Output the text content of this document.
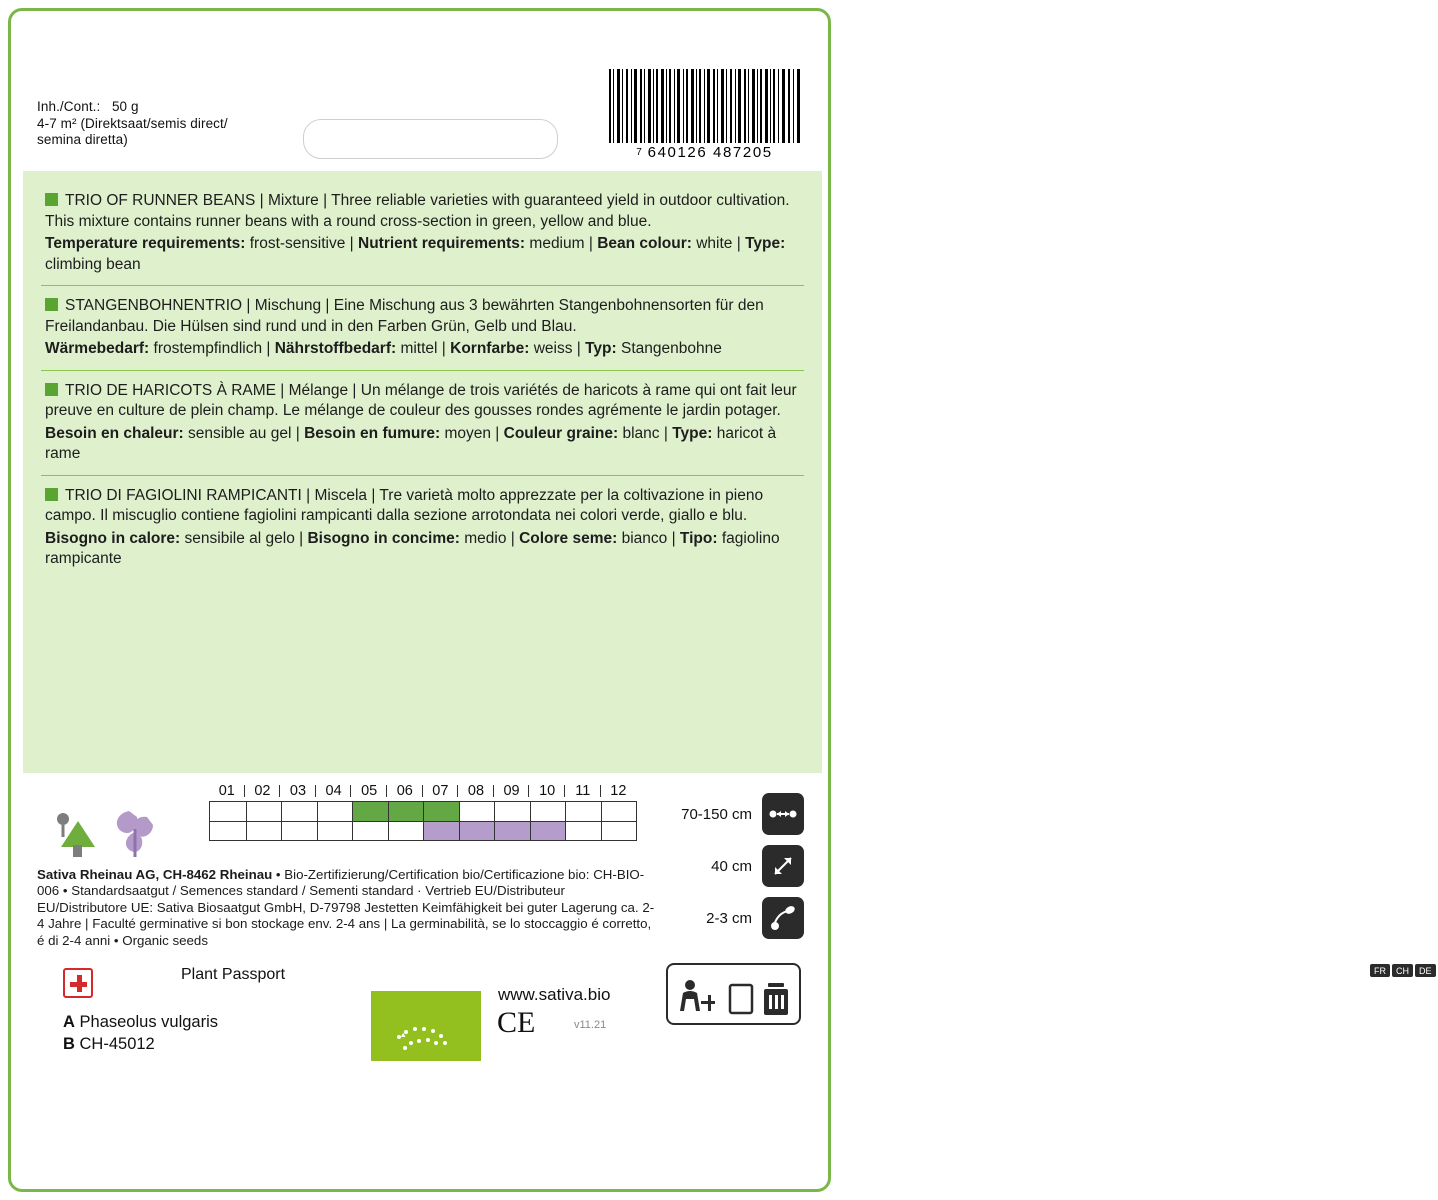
Inh./Cont.:   50 g
4-7 m² (Direktsaat/semis direct/
semina diretta)
7 640126 487205

TRIO OF RUNNER BEANS | Mixture | Three reliable varieties with guaranteed yield in outdoor cultivation. This mixture contains runner beans with a round cross-section in green, yellow and blue.

Temperature requirements: frost-sensitive | Nutrient requirements: medium | Bean colour: white | Type: climbing bean

STANGENBOHNENTRIO | Mischung | Eine Mischung aus 3 bewährten Stangenbohnensorten für den Freilandanbau. Die Hülsen sind rund und in den Farben Grün, Gelb und Blau.

Wärmebedarf: frostempfindlich | Nährstoffbedarf: mittel | Kornfarbe: weiss | Typ: Stangenbohne

TRIO DE HARICOTS À RAME | Mélange | Un mélange de trois variétés de haricots à rame qui ont fait leur preuve en culture de plein champ. Le mélange de couleur des gousses rondes agrémente le jardin potager.

Besoin en chaleur: sensible au gel | Besoin en fumure: moyen | Couleur graine: blanc | Type: haricot à rame

TRIO DI FAGIOLINI RAMPICANTI | Miscela | Tre varietà molto apprezzate per la coltivazione in pieno campo. Il miscuglio contiene fagiolini rampicanti dalla sezione arrotondata nei colori verde, giallo e blu.

Bisogno in calore: sensibile al gelo | Bisogno in concime: medio | Colore seme: bianco | Tipo: fagiolino rampicante

01	02	03	04	05	06	07	08	09	10	11	12
70-150 cm
40 cm
2-3 cm
Sativa Rheinau AG, CH-8462 Rheinau • Bio-Zertifizierung/Certification bio/Certificazione bio: CH-BIO-006 • Standardsaatgut / Semences standard / Sementi standard · Vertrieb EU/Distributeur EU/Distributore UE: Sativa Biosaatgut GmbH, D-79798 Jestetten Keimfähigkeit bei guter Lagerung ca. 2-4 Jahre | Faculté germinative si bon stockage env. 2-4 ans | La germinabilità, se lo stoccaggio é corretto, é di 2-4 anni • Organic seeds
Plant Passport
A Phaseolus vulgaris
B CH-45012
www.sativa.bio
CE	v11.21
FR	CH	DE
